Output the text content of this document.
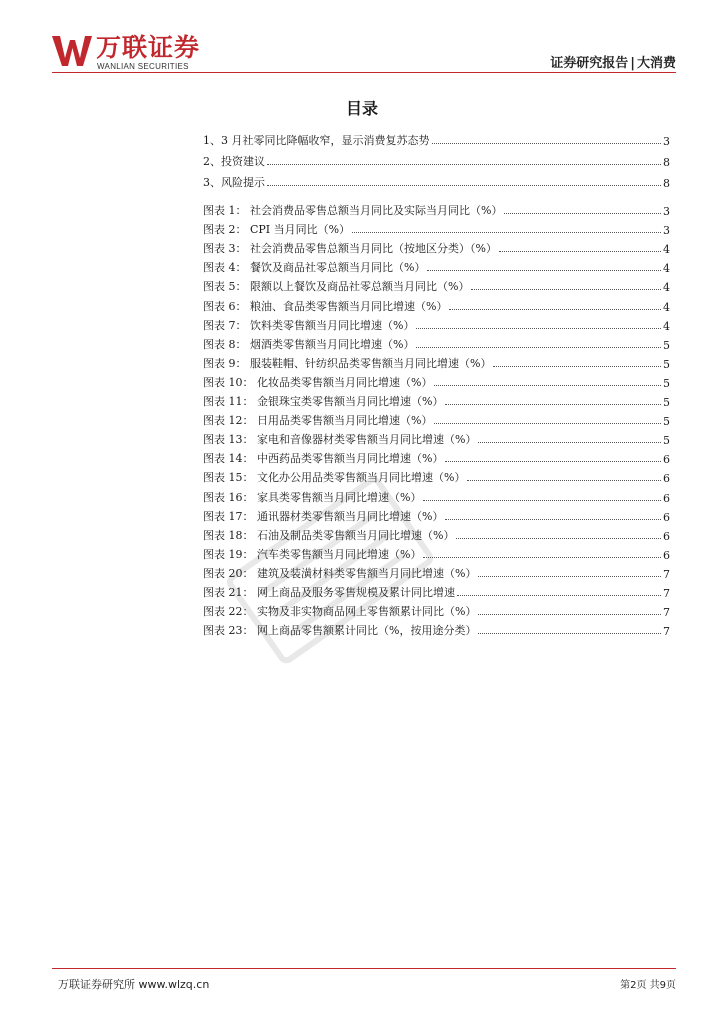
万联证券
WANLIAN SECURITIES	证券研究报告 | 大消费
目录
1、3 月社零同比降幅收窄，显示消费复苏态势	3
2、投资建议	8
3、风险提示	8
图表 1： 社会消费品零售总额当月同比及实际当月同比（%）	3
图表 2： CPI 当月同比（%）	3
图表 3： 社会消费品零售总额当月同比（按地区分类）（%）	4
图表 4： 餐饮及商品社零总额当月同比（%）	4
图表 5： 限额以上餐饮及商品社零总额当月同比（%）	4
图表 6： 粮油、食品类零售额当月同比增速（%）	4
图表 7： 饮料类零售额当月同比增速（%）	4
图表 8： 烟酒类零售额当月同比增速（%）	5
图表 9： 服装鞋帽、针纺织品类零售额当月同比增速（%）	5
图表 10： 化妆品类零售额当月同比增速（%）	5
图表 11： 金银珠宝类零售额当月同比增速（%）	5
图表 12： 日用品类零售额当月同比增速（%）	5
图表 13： 家电和音像器材类零售额当月同比增速（%）	5
图表 14： 中西药品类零售额当月同比增速（%）	6
图表 15： 文化办公用品类零售额当月同比增速（%）	6
图表 16： 家具类零售额当月同比增速（%）	6
图表 17： 通讯器材类零售额当月同比增速（%）	6
图表 18： 石油及制品类零售额当月同比增速（%）	6
图表 19： 汽车类零售额当月同比增速（%）	6
图表 20： 建筑及装潢材料类零售额当月同比增速（%）	7
图表 21： 网上商品及服务零售规模及累计同比增速	7
图表 22： 实物及非实物商品网上零售额累计同比（%）	7
图表 23： 网上商品零售额累计同比（%，按用途分类）	7
万联证券研究所 www.wlzq.cn	第2页 共9页
